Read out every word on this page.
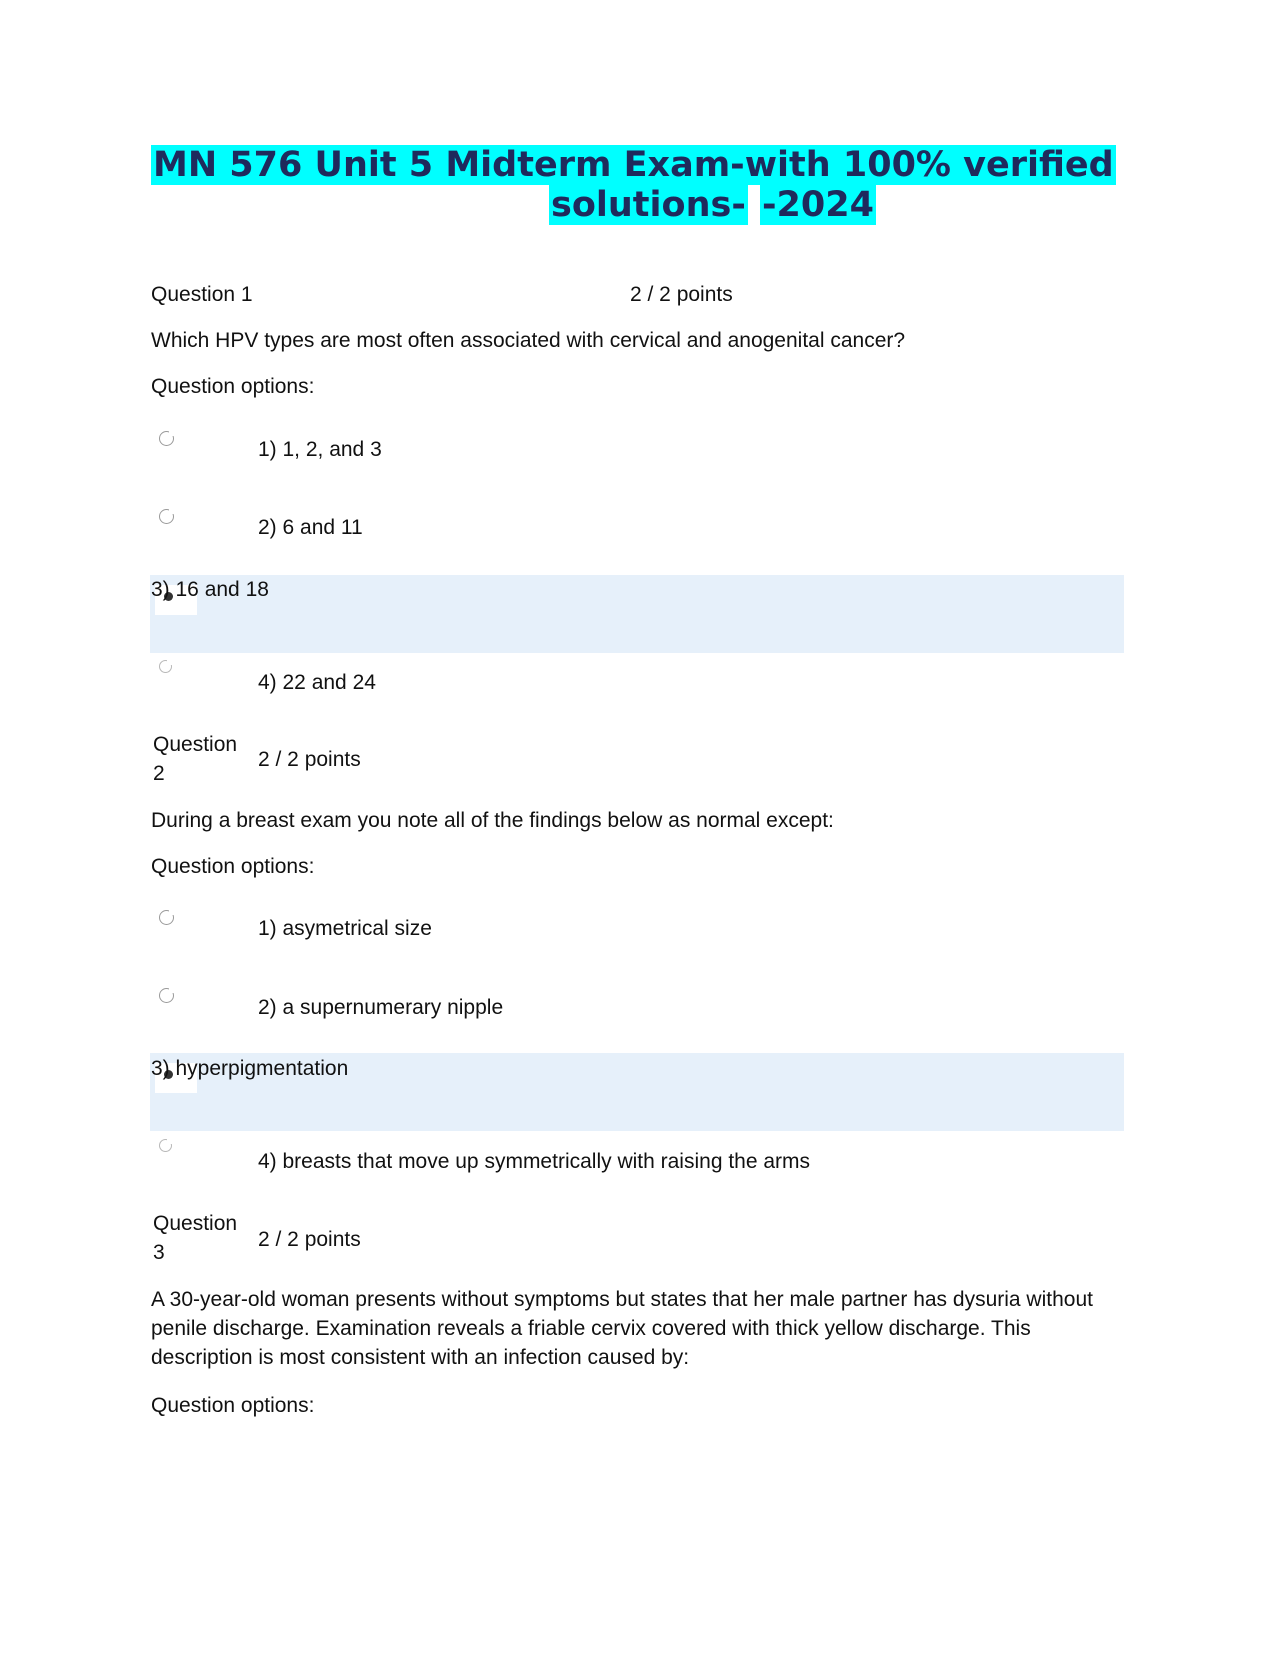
MN 576 Unit 5 Midterm Exam-with 100% verified
solutions- -2024
Question 1	2 / 2 points
Which HPV types are most often associated with cervical and anogenital cancer?
Question options:
1) 1, 2, and 3
2) 6 and 11
3) 16 and 18
4) 22 and 24
Question
2
2 / 2 points
During a breast exam you note all of the findings below as normal except:
Question options:
1) asymetrical size
2) a supernumerary nipple
3) hyperpigmentation
4) breasts that move up symmetrically with raising the arms
Question
3
2 / 2 points
A 30-year-old woman presents without symptoms but states that her male partner has dysuria without penile discharge. Examination reveals a friable cervix covered with thick yellow discharge. This description is most consistent with an infection caused by:
Question options:
